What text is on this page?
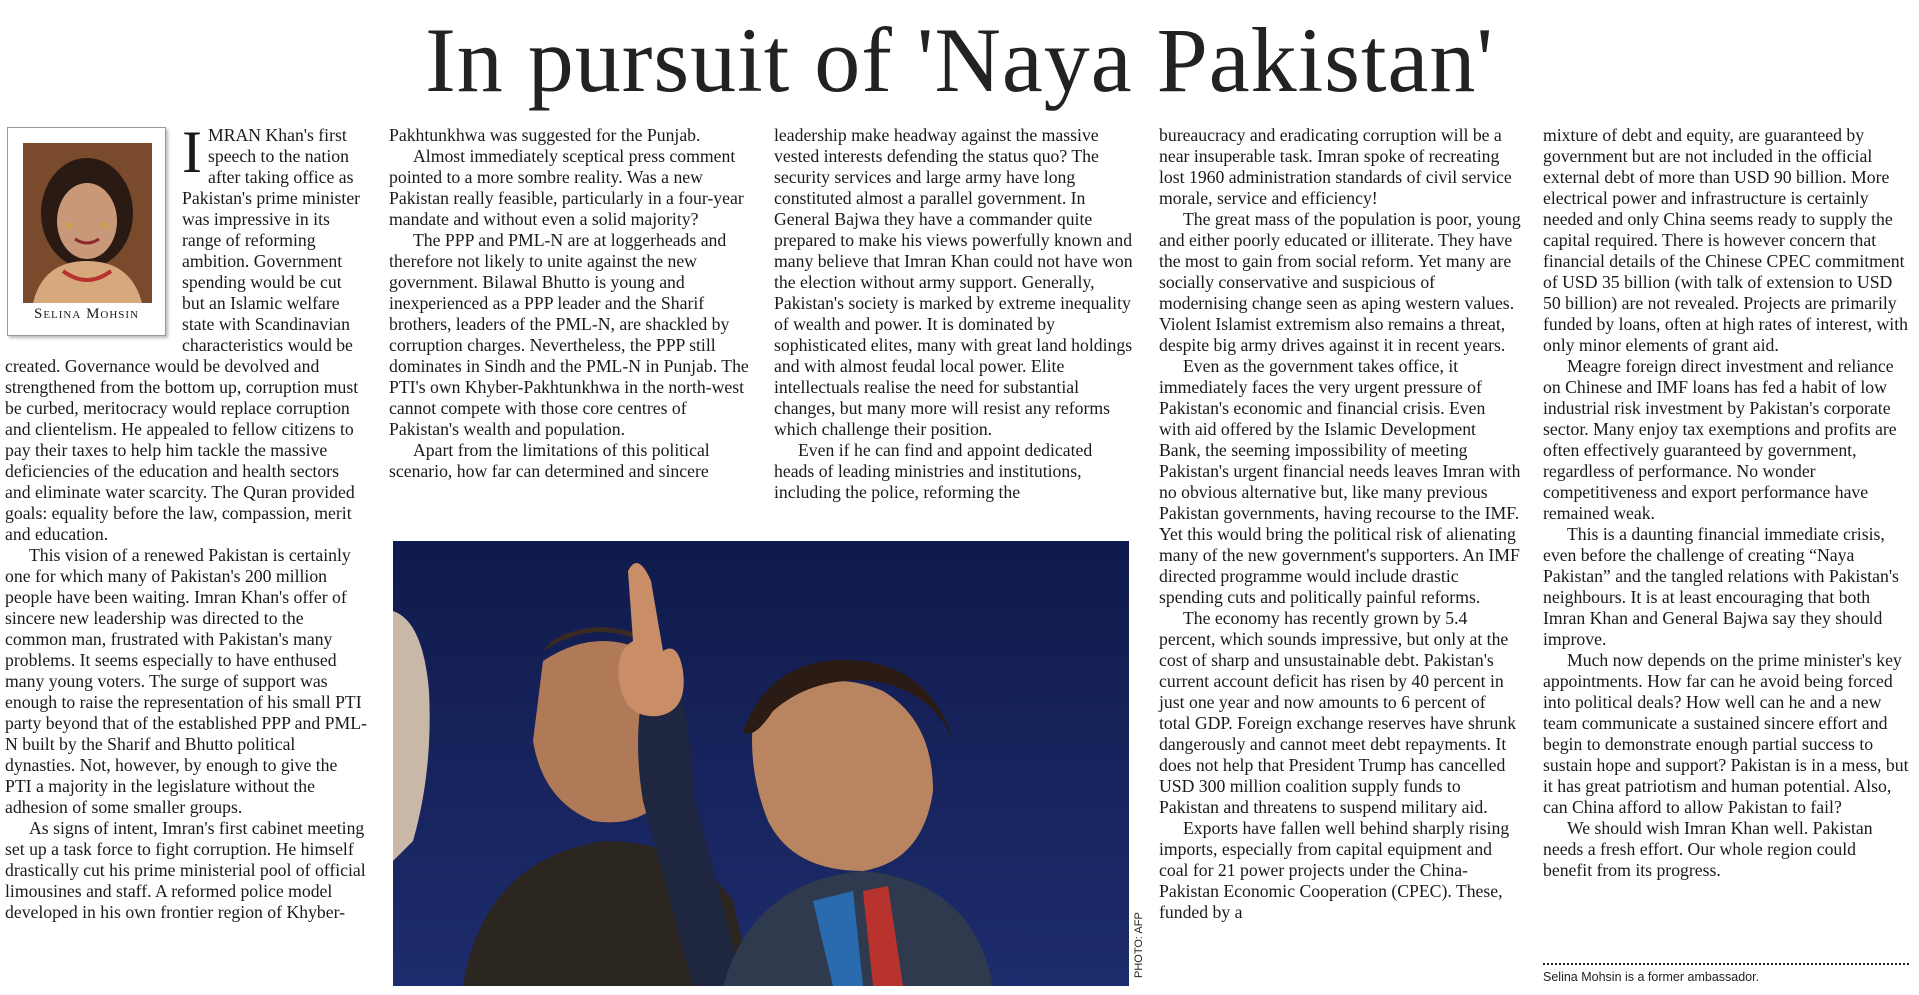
In pursuit of 'Naya Pakistan'
Selina Mohsin

IMRAN Khan's first speech to the nation after taking office as Pakistan's prime minister was impressive in its range of reforming ambition. Government spending would be cut but an Islamic welfare state with Scandinavian characteristics would be created. Governance would be devolved and strengthened from the bottom up, corruption must be curbed, meritocracy would replace corruption and clientelism. He appealed to fellow citizens to pay their taxes to help him tackle the massive deficiencies of the education and health sectors and eliminate water scarcity. The Quran provided goals: equality before the law, compassion, merit and education.

This vision of a renewed Pakistan is certainly one for which many of Pakistan's 200 million people have been waiting. Imran Khan's offer of sincere new leadership was directed to the common man, frustrated with Pakistan's many problems. It seems especially to have enthused many young voters. The surge of support was enough to raise the representation of his small PTI party beyond that of the established PPP and PML-N built by the Sharif and Bhutto political dynasties. Not, however, by enough to give the PTI a majority in the legislature without the adhesion of some smaller groups.

As signs of intent, Imran's first cabinet meeting set up a task force to fight corruption. He himself drastically cut his prime ministerial pool of official limousines and staff. A reformed police model developed in his own frontier region of Khyber-

Pakhtunkhwa was suggested for the Punjab.

Almost immediately sceptical press comment pointed to a more sombre reality. Was a new Pakistan really feasible, particularly in a four-year mandate and without even a solid majority?

The PPP and PML-N are at loggerheads and therefore not likely to unite against the new government. Bilawal Bhutto is young and inexperienced as a PPP leader and the Sharif brothers, leaders of the PML-N, are shackled by corruption charges. Nevertheless, the PPP still dominates in Sindh and the PML-N in Punjab. The PTI's own Khyber-Pakhtunkhwa in the north-west cannot compete with those core centres of Pakistan's wealth and population.

Apart from the limitations of this political scenario, how far can determined and sincere

leadership make headway against the massive vested interests defending the status quo? The security services and large army have long constituted almost a parallel government. In General Bajwa they have a commander quite prepared to make his views powerfully known and many believe that Imran Khan could not have won the election without army support. Generally, Pakistan's society is marked by extreme inequality of wealth and power. It is dominated by sophisticated elites, many with great land holdings and with almost feudal local power. Elite intellectuals realise the need for substantial changes, but many more will resist any reforms which challenge their position.

Even if he can find and appoint dedicated heads of leading ministries and institutions, including the police, reforming the

bureaucracy and eradicating corruption will be a near insuperable task. Imran spoke of recreating lost 1960 administration standards of civil service morale, service and efficiency!

The great mass of the population is poor, young and either poorly educated or illiterate. They have the most to gain from social reform. Yet many are socially conservative and suspicious of modernising change seen as aping western values. Violent Islamist extremism also remains a threat, despite big army drives against it in recent years.

Even as the government takes office, it immediately faces the very urgent pressure of Pakistan's economic and financial crisis. Even with aid offered by the Islamic Development Bank, the seeming impossibility of meeting Pakistan's urgent financial needs leaves Imran with no obvious alternative but, like many previous Pakistan governments, having recourse to the IMF. Yet this would bring the political risk of alienating many of the new government's supporters. An IMF directed programme would include drastic spending cuts and politically painful reforms.

The economy has recently grown by 5.4 percent, which sounds impressive, but only at the cost of sharp and unsustainable debt. Pakistan's current account deficit has risen by 40 percent in just one year and now amounts to 6 percent of total GDP. Foreign exchange reserves have shrunk dangerously and cannot meet debt repayments. It does not help that President Trump has cancelled USD 300 million coalition supply funds to Pakistan and threatens to suspend military aid.

Exports have fallen well behind sharply rising imports, especially from capital equipment and coal for 21 power projects under the China-Pakistan Economic Cooperation (CPEC). These, funded by a

mixture of debt and equity, are guaranteed by government but are not included in the official external debt of more than USD 90 billion. More electrical power and infrastructure is certainly needed and only China seems ready to supply the capital required. There is however concern that financial details of the Chinese CPEC commitment of USD 35 billion (with talk of extension to USD 50 billion) are not revealed. Projects are primarily funded by loans, often at high rates of interest, with only minor elements of grant aid.

Meagre foreign direct investment and reliance on Chinese and IMF loans has fed a habit of low industrial risk investment by Pakistan's corporate sector. Many enjoy tax exemptions and profits are often effectively guaranteed by government, regardless of performance. No wonder competitiveness and export performance have remained weak.

This is a daunting financial immediate crisis, even before the challenge of creating “Naya Pakistan” and the tangled relations with Pakistan's neighbours. It is at least encouraging that both Imran Khan and General Bajwa say they should improve.

Much now depends on the prime minister's key appointments. How far can he avoid being forced into political deals? How well can he and a new team communicate a sustained sincere effort and begin to demonstrate enough partial success to sustain hope and support? Pakistan is in a mess, but it has great patriotism and human potential. Also, can China afford to allow Pakistan to fail?

We should wish Imran Khan well. Pakistan needs a fresh effort. Our whole region could benefit from its progress.

PHOTO: AFP	Selina Mohsin is a former ambassador.
